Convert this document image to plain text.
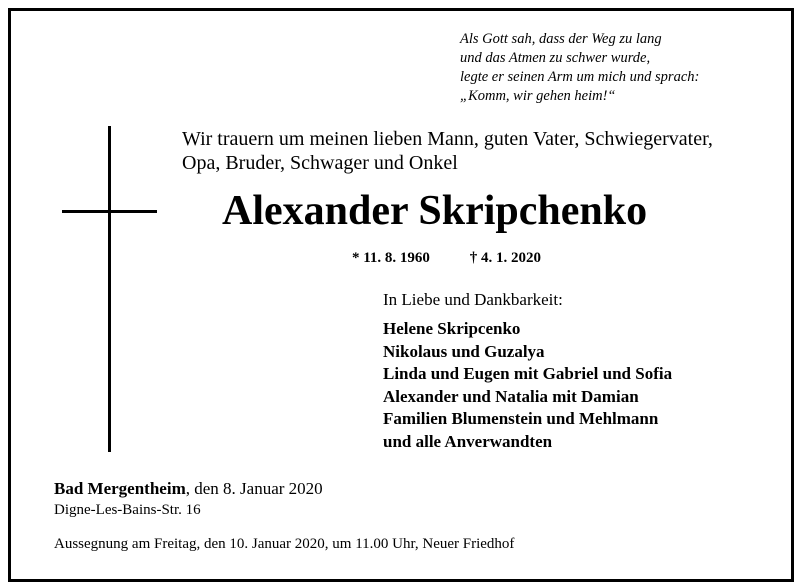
Als Gott sah, dass der Weg zu lang
und das Atmen zu schwer wurde,
legte er seinen Arm um mich und sprach:
„Komm, wir gehen heim!“
Wir trauern um meinen lieben Mann, guten Vater, Schwiegervater,
Opa, Bruder, Schwager und Onkel
Alexander Skripchenko
* 11. 8. 1960	† 4. 1. 2020
In Liebe und Dankbarkeit:
Helene Skripcenko
Nikolaus und Guzalya
Linda und Eugen mit Gabriel und Sofia
Alexander und Natalia mit Damian
Familien Blumenstein und Mehlmann
und alle Anverwandten
Bad Mergentheim, den 8. Januar 2020
Digne-Les-Bains-Str. 16
Aussegnung am Freitag, den 10. Januar 2020, um 11.00 Uhr, Neuer Friedhof
